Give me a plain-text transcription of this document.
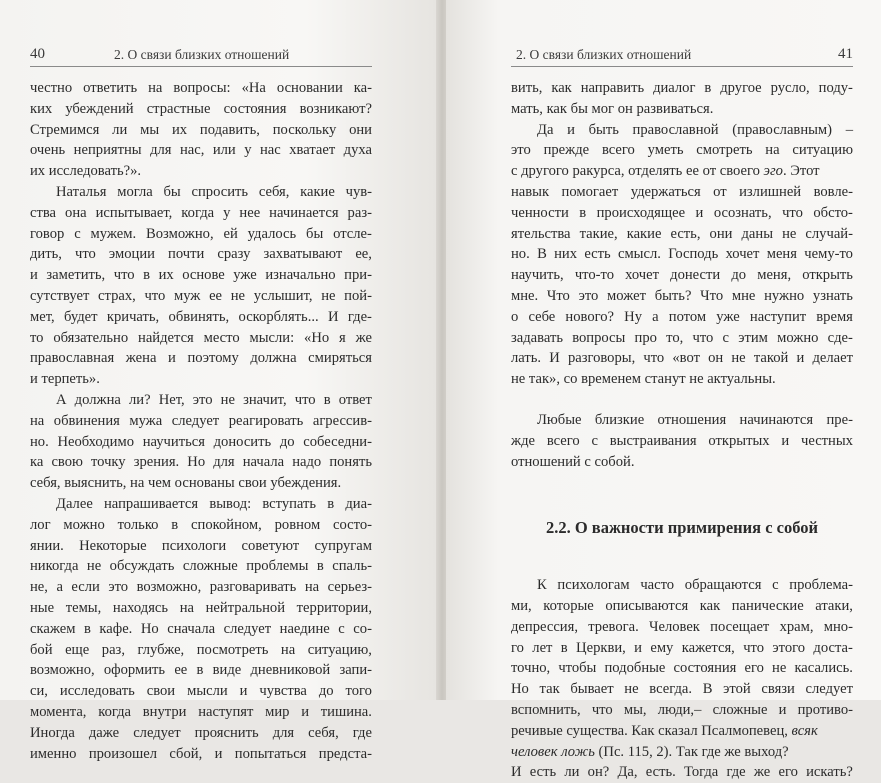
40	2. О связи близких отношений
честно ответить на вопросы: «На основании ка-
ких убеждений страстные состояния возникают?
Стремимся ли мы их подавить, поскольку они
очень неприятны для нас, или у нас хватает духа
их исследовать?».
Наталья могла бы спросить себя, какие чув-
ства она испытывает, когда у нее начинается раз-
говор с мужем. Возможно, ей удалось бы отсле-
дить, что эмоции почти сразу захватывают ее,
и заметить, что в их основе уже изначально при-
сутствует страх, что муж ее не услышит, не пой-
мет, будет кричать, обвинять, оскорблять... И где-
то обязательно найдется место мысли: «Но я же
православная жена и поэтому должна смиряться
и терпеть».
А должна ли? Нет, это не значит, что в ответ
на обвинения мужа следует реагировать агрессив-
но. Необходимо научиться доносить до собеседни-
ка свою точку зрения. Но для начала надо понять
себя, выяснить, на чем основаны свои убеждения.
Далее напрашивается вывод: вступать в диа-
лог можно только в спокойном, ровном состо-
янии. Некоторые психологи советуют супругам
никогда не обсуждать сложные проблемы в спаль-
не, а если это возможно, разговаривать на серьез-
ные темы, находясь на нейтральной территории,
скажем в кафе. Но сначала следует наедине с со-
бой еще раз, глубже, посмотреть на ситуацию,
возможно, оформить ее в виде дневниковой запи-
си, исследовать свои мысли и чувства до того
момента, когда внутри наступят мир и тишина.
Иногда даже следует прояснить для себя, где
именно произошел сбой, и попытаться предста-
2. О связи близких отношений	41
вить, как направить диалог в другое русло, поду-
мать, как бы мог он развиваться.
Да и быть православной (православным) –
это прежде всего уметь смотреть на ситуацию
с другого ракурса, отделять ее от своего эго . Этот
навык помогает удержаться от излишней вовле-
ченности в происходящее и осознать, что обсто-
ятельства такие, какие есть, они даны не случай-
но. В них есть смысл. Господь хочет меня чему-то
научить, что-то хочет донести до меня, открыть
мне. Что это может быть? Что мне нужно узнать
о себе нового? Ну а потом уже наступит время
задавать вопросы про то, что с этим можно сде-
лать. И разговоры, что «вот он не такой и делает
не так», со временем станут не актуальны.
Любые близкие отношения начинаются пре-
жде всего с выстраивания открытых и честных
отношений с собой.
2.2. О важности примирения с собой
К психологам часто обращаются с проблема-
ми, которые описываются как панические атаки,
депрессия, тревога. Человек посещает храм, мно-
го лет в Церкви, и ему кажется, что этого доста-
точно, чтобы подобные состояния его не касались.
Но так бывает не всегда. В этой связи следует
вспомнить, что мы, люди,– сложные и противо-
речивые существа. Как сказал Псалмопевец, всяк
человек ложь (Пс. 115, 2). Так где же выход?
И есть ли он? Да, есть. Тогда где же его искать?
